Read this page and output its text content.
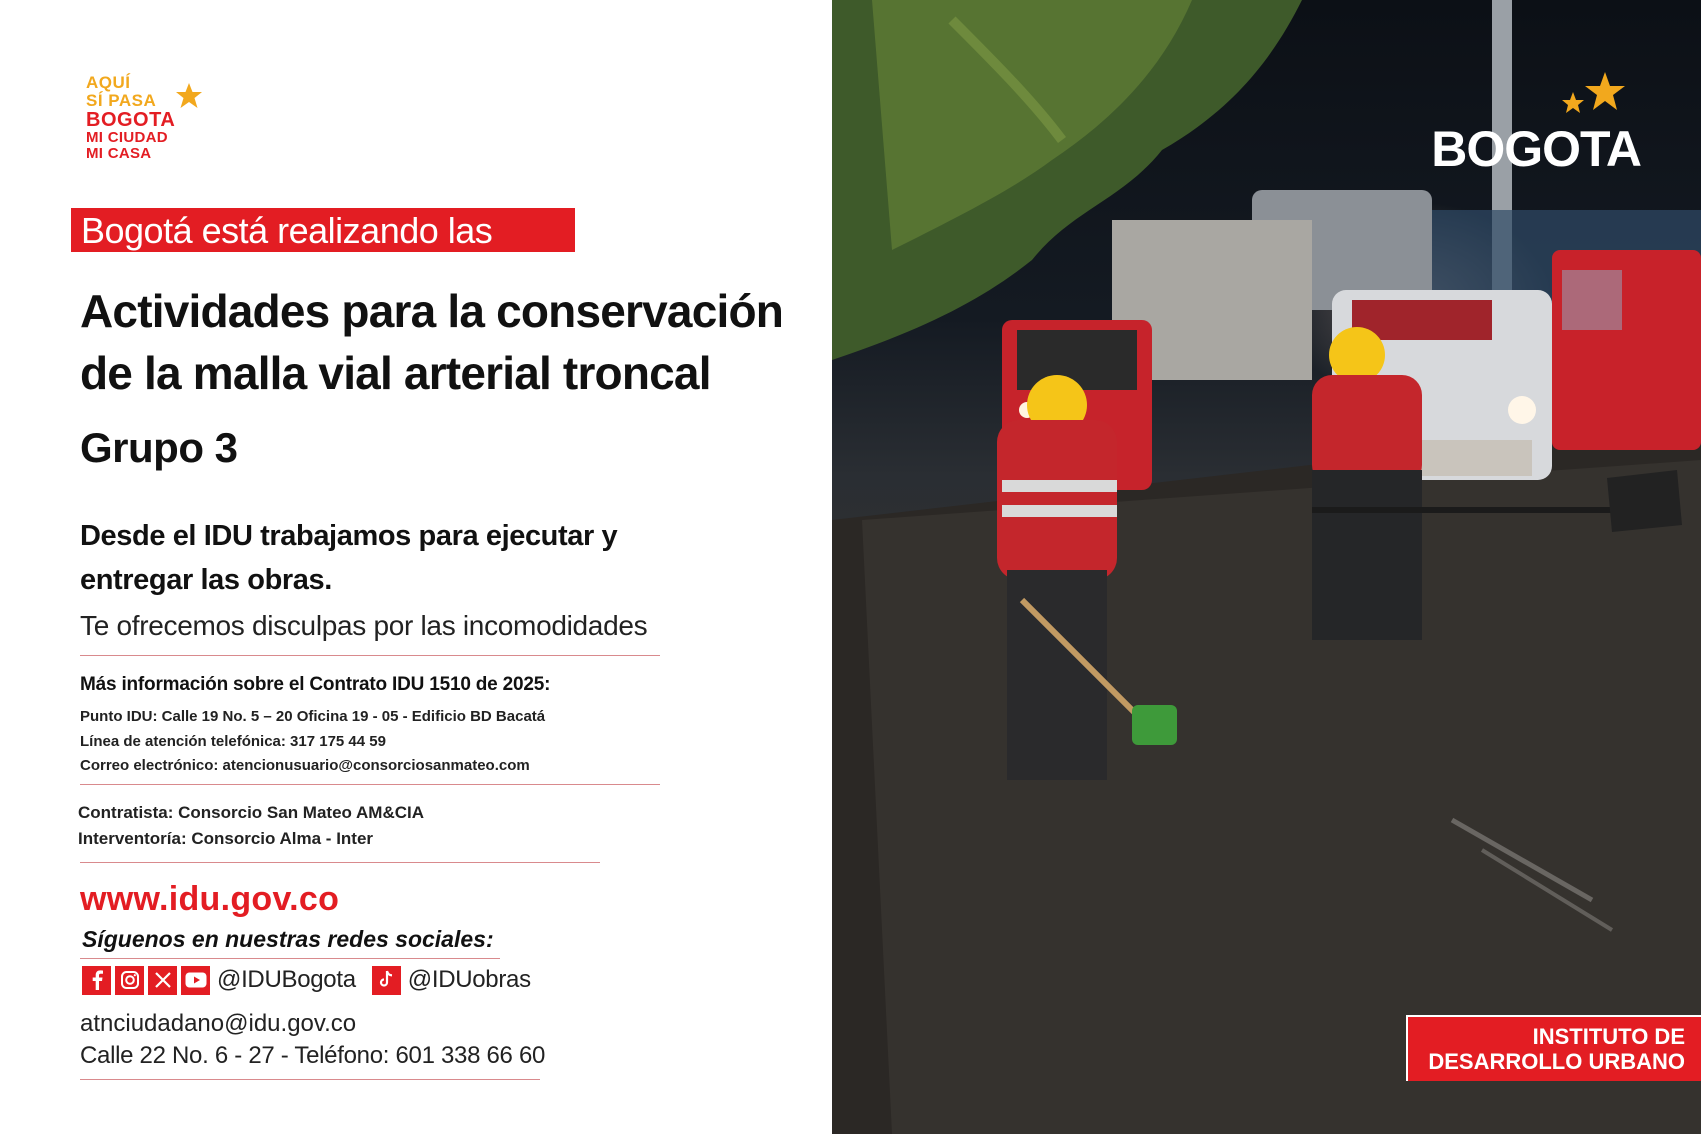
AQUÍ
SÍ PASA
BOGOTA
MI CIUDAD
MI CASA
Bogotá está realizando las
Actividades para la conservación
de la malla vial arterial troncal
Grupo 3
Desde el IDU trabajamos para ejecutar y
entregar las obras.
Te ofrecemos disculpas por las incomodidades
Más información sobre el Contrato IDU 1510 de 2025:
Punto IDU: Calle 19 No. 5 – 20 Oficina 19 - 05 - Edificio BD Bacatá
Línea de atención telefónica: 317 175 44 59
Correo electrónico: atencionusuario@consorciosanmateo.com
Contratista: Consorcio San Mateo AM&CIA
Interventoría: Consorcio Alma - Inter
www.idu.gov.co
Síguenos en nuestras redes sociales:
@IDUBogota @IDUobras
atnciudadano@idu.gov.co
Calle 22 No. 6 - 27 - Teléfono: 601 338 66 60
BOGOTA
INSTITUTO DE
DESARROLLO URBANO
